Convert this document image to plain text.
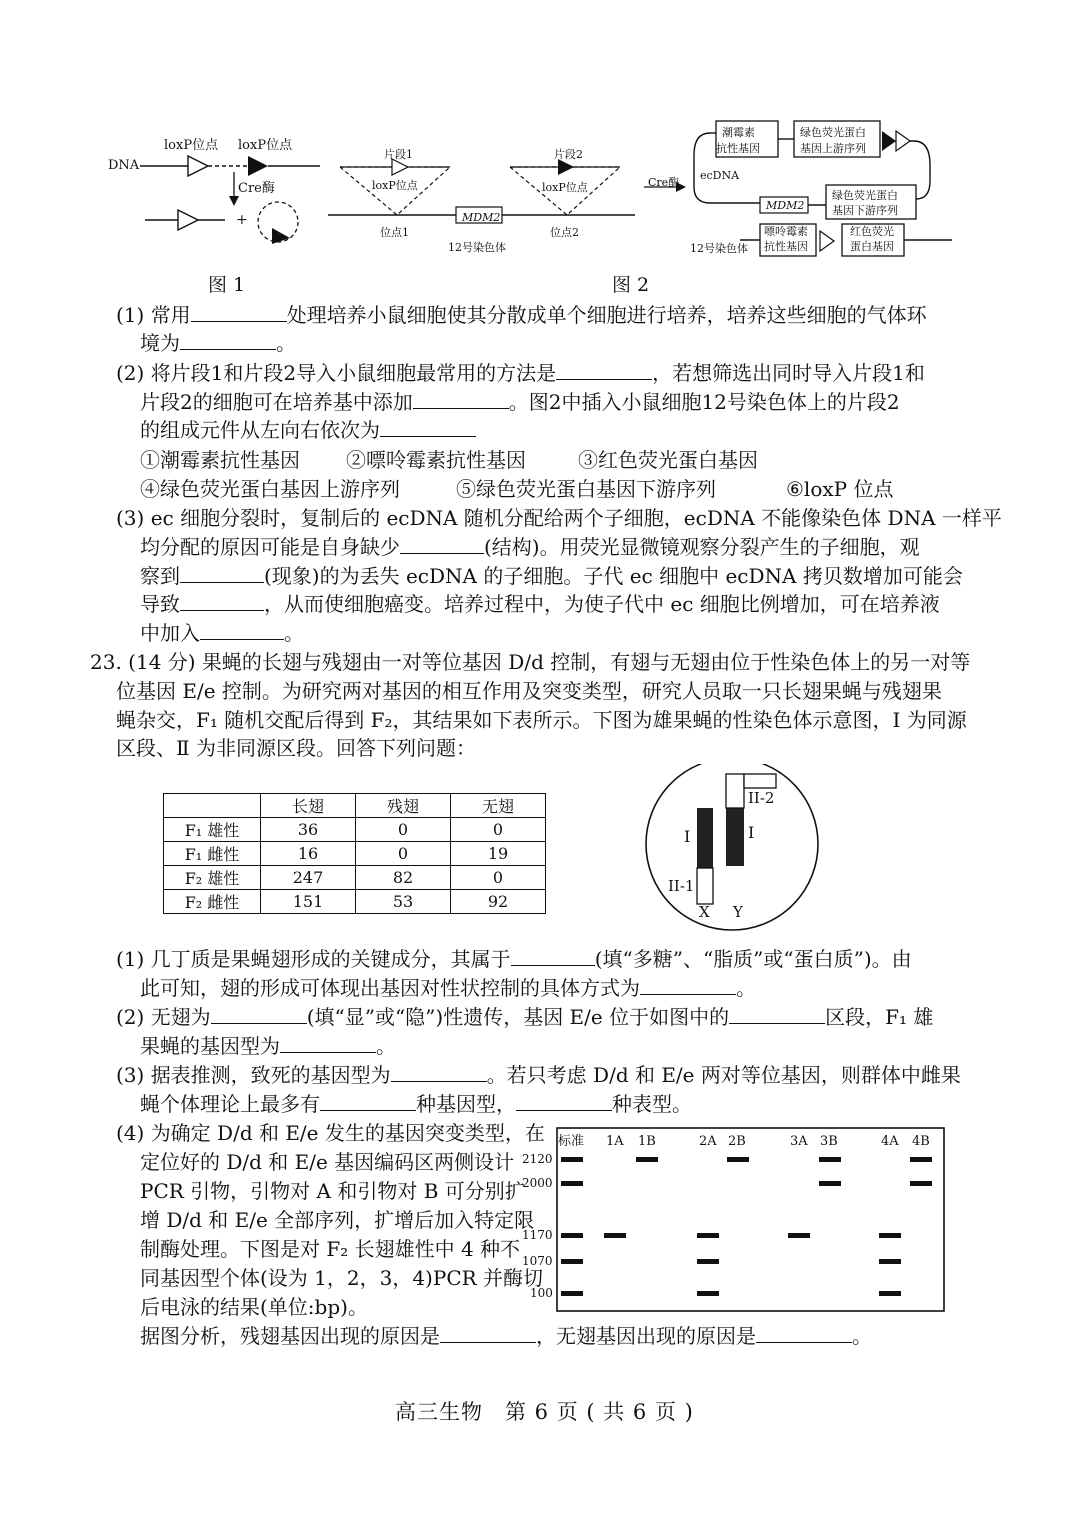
DNA
loxP位点 loxP位点
Cre酶
+
图 1
片段1
loxP位点
位点1
MDM2
12号染色体
片段2
loxP位点
位点2
Cre酶
ecDNA
潮霉素
抗性基因
绿色荧光蛋白
基因上游序列
MDM2
绿色荧光蛋白
基因下游序列
12号染色体
嘌呤霉素
抗性基因
红色荧光
蛋白基因
图 2
(1) 常用	处理培养小鼠细胞使其分散成单个细胞进行培养，培养这些细胞的气体环
境为	。
(2) 将片段1和片段2导入小鼠细胞最常用的方法是	，若想筛选出同时导入片段1和
片段2的细胞可在培养基中添加	。图2中插入小鼠细胞12号染色体上的片段2
的组成元件从左向右依次为
①潮霉素抗性基因 ②嘌呤霉素抗性基因	③红色荧光蛋白基因
④绿色荧光蛋白基因上游序列	⑤绿色荧光蛋白基因下游序列	⑥loxP 位点
(3) ec 细胞分裂时，复制后的 ecDNA 随机分配给两个子细胞，ecDNA 不能像染色体 DNA 一样平
均分配的原因可能是自身缺少	(结构)。用荧光显微镜观察分裂产生的子细胞，观
察到	(现象)的为丢失 ecDNA 的子细胞。子代 ec 细胞中 ecDNA 拷贝数增加可能会
导致	，从而使细胞癌变。培养过程中，为使子代中 ec 细胞比例增加，可在培养液
中加入	。
23. (14 分) 果蝇的长翅与残翅由一对等位基因 D/d 控制，有翅与无翅由位于性染色体上的另一对等
位基因 E/e 控制。为研究两对基因的相互作用及突变类型，研究人员取一只长翅果蝇与残翅果
蝇杂交，F₁ 随机交配后得到 F₂，其结果如下表所示。下图为雄果蝇的性染色体示意图，Ⅰ 为同源
区段、Ⅱ 为非同源区段。回答下列问题：
	长翅	残翅	无翅
F₁ 雄性	36	0	0
F₁ 雌性	16	0	19
F₂ 雄性	247	82	0
F₂ 雌性	151	53	92
II-2
I	I
II-1
X Y
(1) 几丁质是果蝇翅形成的关键成分，其属于	(填“多糖”、“脂质”或“蛋白质”)。由
此可知，翅的形成可体现出基因对性状控制的具体方式为	。
(2) 无翅为	(填“显”或“隐”)性遗传，基因 E/e 位于如图中的	区段，F₁ 雄
果蝇的基因型为	。
(3) 据表推测，致死的基因型为	。若只考虑 D/d 和 E/e 两对等位基因，则群体中雌果
蝇个体理论上最多有	种基因型，	种表型。
(4) 为确定 D/d 和 E/e 发生的基因突变类型，在
定位好的 D/d 和 E/e 基因编码区两侧设计
PCR 引物，引物对 A 和引物对 B 可分别扩
增 D/d 和 E/e 全部序列，扩增后加入特定限
制酶处理。下图是对 F₂ 长翅雄性中 4 种不
同基因型个体(设为 1，2，3，4)PCR 并酶切
后电泳的结果(单位:bp)。
据图分析，残翅基因出现的原因是	，无翅基因出现的原因是	。
标准 1A 1B	2A 2B	3A 3B	4A 4B
2120
2000
1170
1070
100
高三生物　第 6 页 ( 共 6 页 )
